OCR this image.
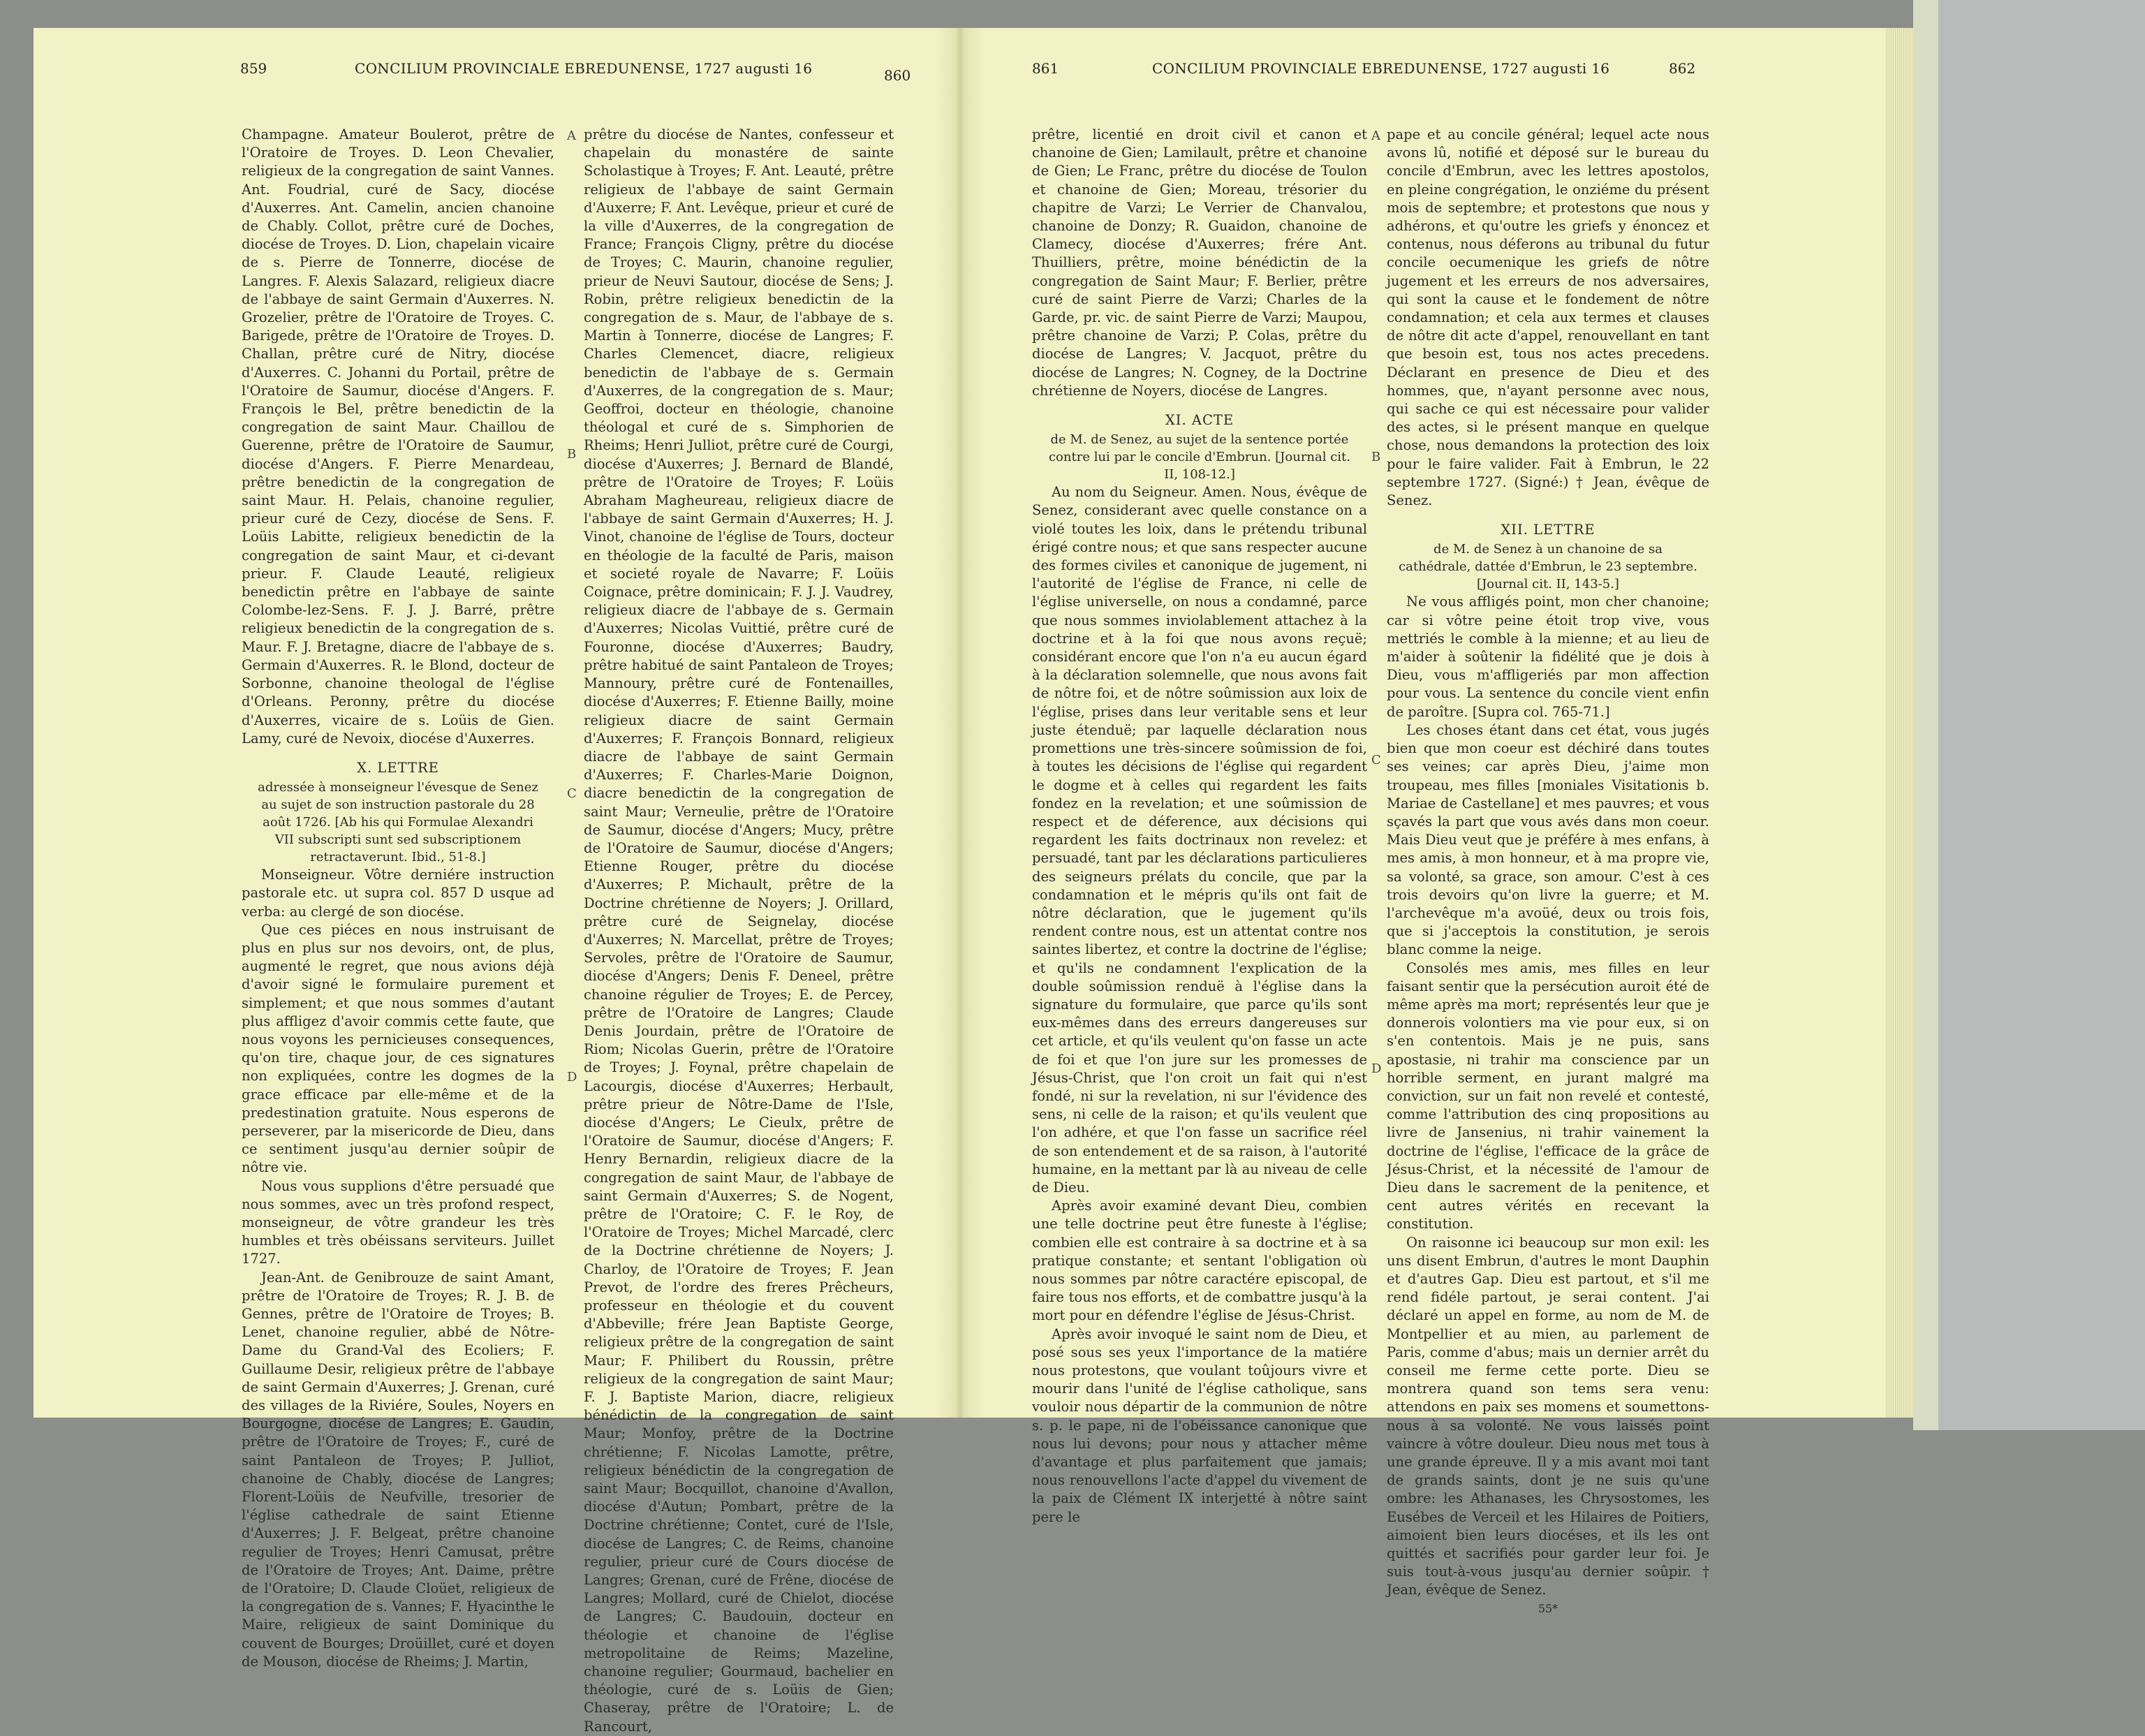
859	CONCILIUM PROVINCIALE EBREDUNENSE, 1727 augusti 16	860	861	CONCILIUM PROVINCIALE EBREDUNENSE, 1727 augusti 16	862

Champagne. Amateur Boulerot, prêtre de l'Oratoire de Troyes. D. Leon Chevalier, religieux de la congregation de saint Vannes. Ant. Foudrial, curé de Sacy, diocése d'Auxerres. Ant. Camelin, ancien chanoine de Chably. Collot, prêtre curé de Doches, diocése de Troyes. D. Lion, chapelain vicaire de s. Pierre de Tonnerre, diocése de Langres. F. Alexis Salazard, religieux diacre de l'abbaye de saint Germain d'Auxerres. N. Grozelier, prêtre de l'Oratoire de Troyes. C. Barigede, prêtre de l'Oratoire de Troyes. D. Challan, prêtre curé de Nitry, diocése d'Auxerres. C. Johanni du Portail, prêtre de l'Oratoire de Saumur, diocése d'Angers. F. François le Bel, prêtre benedictin de la congregation de saint Maur. Chaillou de Guerenne, prêtre de l'Oratoire de Saumur, diocése d'Angers. F. Pierre Menardeau, prêtre benedictin de la congregation de saint Maur. H. Pelais, chanoine regulier, prieur curé de Cezy, diocése de Sens. F. Loüis Labitte, religieux benedictin de la congregation de saint Maur, et ci-devant prieur. F. Claude Leauté, religieux benedictin prêtre en l'abbaye de sainte Colombe-lez-Sens. F. J. J. Barré, prêtre religieux benedictin de la congregation de s. Maur. F. J. Bretagne, diacre de l'abbaye de s. Germain d'Auxerres. R. le Blond, docteur de Sorbonne, chanoine theologal de l'église d'Orleans. Peronny, prêtre du diocése d'Auxerres, vicaire de s. Loüis de Gien. Lamy, curé de Nevoix, diocése d'Auxerres.

X. LETTRE
adressée à monseigneur l'évesque de Senez au sujet de son instruction pastorale du 28 août 1726. [Ab his qui Formulae Alexandri VII subscripti sunt sed subscriptionem retractaverunt. Ibid., 51-8.]

Monseigneur. Vôtre derniére instruction pastorale etc. ut supra col. 857 D usque ad verba: au clergé de son diocése.

Que ces piéces en nous instruisant de plus en plus sur nos devoirs, ont, de plus, augmenté le regret, que nous avions déjà d'avoir signé le formulaire purement et simplement; et que nous sommes d'autant plus affligez d'avoir commis cette faute, que nous voyons les pernicieuses consequences, qu'on tire, chaque jour, de ces signatures non expliquées, contre les dogmes de la grace efficace par elle-même et de la predestination gratuite. Nous esperons de perseverer, par la misericorde de Dieu, dans ce sentiment jusqu'au dernier soûpir de nôtre vie.

Nous vous supplions d'être persuadé que nous sommes, avec un très profond respect, monseigneur, de vôtre grandeur les très humbles et très obéissans serviteurs. Juillet 1727.

Jean-Ant. de Genibrouze de saint Amant, prêtre de l'Oratoire de Troyes; R. J. B. de Gennes, prêtre de l'Oratoire de Troyes; B. Lenet, chanoine regulier, abbé de Nôtre-Dame du Grand-Val des Ecoliers; F. Guillaume Desir, religieux prêtre de l'abbaye de saint Germain d'Auxerres; J. Grenan, curé des villages de la Riviére, Soules, Noyers en Bourgogne, diocése de Langres; E. Gaudin, prêtre de l'Oratoire de Troyes; F., curé de saint Pantaleon de Troyes; P. Julliot, chanoine de Chably, diocése de Langres; Florent-Loüis de Neufville, tresorier de l'église cathedrale de saint Etienne d'Auxerres; J. F. Belgeat, prêtre chanoine regulier de Troyes; Henri Camusat, prêtre de l'Oratoire de Troyes; Ant. Daime, prêtre de l'Oratoire; D. Claude Cloüet, religieux de la congregation de s. Vannes; F. Hyacinthe le Maire, religieux de saint Dominique du couvent de Bourges; Droüillet, curé et doyen de Mouson, diocése de Rheims; J. Martin,

prêtre du diocése de Nantes, confesseur et chapelain du monastére de sainte Scholastique à Troyes; F. Ant. Leauté, prêtre religieux de l'abbaye de saint Germain d'Auxerre; F. Ant. Levêque, prieur et curé de la ville d'Auxerres, de la congregation de France; François Cligny, prêtre du diocése de Troyes; C. Maurin, chanoine regulier, prieur de Neuvi Sautour, diocése de Sens; J. Robin, prêtre religieux benedictin de la congregation de s. Maur, de l'abbaye de s. Martin à Tonnerre, diocése de Langres; F. Charles Clemencet, diacre, religieux benedictin de l'abbaye de s. Germain d'Auxerres, de la congregation de s. Maur; Geoffroi, docteur en théologie, chanoine théologal et curé de s. Simphorien de Rheims; Henri Julliot, prêtre curé de Courgi, diocése d'Auxerres; J. Bernard de Blandé, prêtre de l'Oratoire de Troyes; F. Loüis Abraham Magheureau, religieux diacre de l'abbaye de saint Germain d'Auxerres; H. J. Vinot, chanoine de l'église de Tours, docteur en théologie de la faculté de Paris, maison et societé royale de Navarre; F. Loüis Coignace, prêtre dominicain; F. J. J. Vaudrey, religieux diacre de l'abbaye de s. Germain d'Auxerres; Nicolas Vuittié, prêtre curé de Fouronne, diocése d'Auxerres; Baudry, prêtre habitué de saint Pantaleon de Troyes; Mannoury, prêtre curé de Fontenailles, diocése d'Auxerres; F. Etienne Bailly, moine religieux diacre de saint Germain d'Auxerres; F. François Bonnard, religieux diacre de l'abbaye de saint Germain d'Auxerres; F. Charles-Marie Doignon, diacre benedictin de la congregation de saint Maur; Verneulie, prêtre de l'Oratoire de Saumur, diocése d'Angers; Mucy, prêtre de l'Oratoire de Saumur, diocése d'Angers; Etienne Rouger, prêtre du diocése d'Auxerres; P. Michault, prêtre de la Doctrine chrétienne de Noyers; J. Orillard, prêtre curé de Seignelay, diocése d'Auxerres; N. Marcellat, prêtre de Troyes; Servoles, prêtre de l'Oratoire de Saumur, diocése d'Angers; Denis F. Deneel, prêtre chanoine régulier de Troyes; E. de Percey, prêtre de l'Oratoire de Langres; Claude Denis Jourdain, prêtre de l'Oratoire de Riom; Nicolas Guerin, prêtre de l'Oratoire de Troyes; J. Foynal, prêtre chapelain de Lacourgis, diocése d'Auxerres; Herbault, prêtre prieur de Nôtre-Dame de l'Isle, diocése d'Angers; Le Cieulx, prêtre de l'Oratoire de Saumur, diocése d'Angers; F. Henry Bernardin, religieux diacre de la congregation de saint Maur, de l'abbaye de saint Germain d'Auxerres; S. de Nogent, prêtre de l'Oratoire; C. F. le Roy, de l'Oratoire de Troyes; Michel Marcadé, clerc de la Doctrine chrétienne de Noyers; J. Charloy, de l'Oratoire de Troyes; F. Jean Prevot, de l'ordre des freres Prêcheurs, professeur en théologie et du couvent d'Abbeville; frére Jean Baptiste George, religieux prêtre de la congregation de saint Maur; F. Philibert du Roussin, prêtre religieux de la congregation de saint Maur; F. J. Baptiste Marion, diacre, religieux bénédictin de la congregation de saint Maur; Monfoy, prêtre de la Doctrine chrétienne; F. Nicolas Lamotte, prêtre, religieux bénédictin de la congregation de saint Maur; Bocquillot, chanoine d'Avallon, diocése d'Autun; Pombart, prêtre de la Doctrine chrétienne; Contet, curé de l'Isle, diocése de Langres; C. de Reims, chanoine regulier, prieur curé de Cours diocése de Langres; Grenan, curé de Frêne, diocése de Langres; Mollard, curé de Chielot, diocése de Langres; C. Baudouin, docteur en théologie et chanoine de l'église metropolitaine de Reims; Mazeline, chanoine regulier; Gourmaud, bachelier en théologie, curé de s. Loüis de Gien; Chaseray, prêtre de l'Oratoire; L. de Rancourt,

prêtre, licentié en droit civil et canon et chanoine de Gien; Lamilault, prêtre et chanoine de Gien; Le Franc, prêtre du diocése de Toulon et chanoine de Gien; Moreau, trésorier du chapitre de Varzi; Le Verrier de Chanvalou, chanoine de Donzy; R. Guaidon, chanoine de Clamecy, diocése d'Auxerres; frére Ant. Thuilliers, prêtre, moine bénédictin de la congregation de Saint Maur; F. Berlier, prêtre curé de saint Pierre de Varzi; Charles de la Garde, pr. vic. de saint Pierre de Varzi; Maupou, prêtre chanoine de Varzi; P. Colas, prêtre du diocése de Langres; V. Jacquot, prêtre du diocése de Langres; N. Cogney, de la Doctrine chrétienne de Noyers, diocése de Langres.

XI. ACTE
de M. de Senez, au sujet de la sentence portée contre lui par le concile d'Embrun. [Journal cit. II, 108-12.]

Au nom du Seigneur. Amen. Nous, évêque de Senez, considerant avec quelle constance on a violé toutes les loix, dans le prétendu tribunal érigé contre nous; et que sans respecter aucune des formes civiles et canonique de jugement, ni l'autorité de l'église de France, ni celle de l'église universelle, on nous a condamné, parce que nous sommes inviolablement attachez à la doctrine et à la foi que nous avons reçuë; considérant encore que l'on n'a eu aucun égard à la déclaration solemnelle, que nous avons fait de nôtre foi, et de nôtre soûmission aux loix de l'église, prises dans leur veritable sens et leur juste étenduë; par laquelle déclaration nous promettions une très-sincere soûmission de foi, à toutes les décisions de l'église qui regardent le dogme et à celles qui regardent les faits fondez en la revelation; et une soûmission de respect et de déference, aux décisions qui regardent les faits doctrinaux non revelez: et persuadé, tant par les déclarations particulieres des seigneurs prélats du concile, que par la condamnation et le mépris qu'ils ont fait de nôtre déclaration, que le jugement qu'ils rendent contre nous, est un attentat contre nos saintes libertez, et contre la doctrine de l'église; et qu'ils ne condamnent l'explication de la double soûmission renduë à l'église dans la signature du formulaire, que parce qu'ils sont eux-mêmes dans des erreurs dangereuses sur cet article, et qu'ils veulent qu'on fasse un acte de foi et que l'on jure sur les promesses de Jésus-Christ, que l'on croit un fait qui n'est fondé, ni sur la revelation, ni sur l'évidence des sens, ni celle de la raison; et qu'ils veulent que l'on adhére, et que l'on fasse un sacrifice réel de son entendement et de sa raison, à l'autorité humaine, en la mettant par là au niveau de celle de Dieu.

Après avoir examiné devant Dieu, combien une telle doctrine peut être funeste à l'église; combien elle est contraire à sa doctrine et à sa pratique constante; et sentant l'obligation où nous sommes par nôtre caractére episcopal, de faire tous nos efforts, et de combattre jusqu'à la mort pour en défendre l'église de Jésus-Christ.

Après avoir invoqué le saint nom de Dieu, et posé sous ses yeux l'importance de la matiére nous protestons, que voulant toûjours vivre et mourir dans l'unité de l'église catholique, sans vouloir nous départir de la communion de nôtre s. p. le pape, ni de l'obéissance canonique que nous lui devons; pour nous y attacher même d'avantage et plus parfaitement que jamais; nous renouvellons l'acte d'appel du vivement de la paix de Clément IX interjetté à nôtre saint pere le

pape et au concile général; lequel acte nous avons lû, notifié et déposé sur le bureau du concile d'Embrun, avec les lettres apostolos, en pleine congrégation, le onziéme du présent mois de septembre; et protestons que nous y adhérons, et qu'outre les griefs y énoncez et contenus, nous déferons au tribunal du futur concile oecumenique les griefs de nôtre jugement et les erreurs de nos adversaires, qui sont la cause et le fondement de nôtre condamnation; et cela aux termes et clauses de nôtre dit acte d'appel, renouvellant en tant que besoin est, tous nos actes precedens. Déclarant en presence de Dieu et des hommes, que, n'ayant personne avec nous, qui sache ce qui est nécessaire pour valider des actes, si le présent manque en quelque chose, nous demandons la protection des loix pour le faire valider. Fait à Embrun, le 22 septembre 1727. (Signé:) † Jean, évêque de Senez.

XII. LETTRE
de M. de Senez à un chanoine de sa cathédrale, dattée d'Embrun, le 23 septembre. [Journal cit. II, 143-5.]

Ne vous affligés point, mon cher chanoine; car si vôtre peine étoit trop vive, vous mettriés le comble à la mienne; et au lieu de m'aider à soûtenir la fidélité que je dois à Dieu, vous m'affligeriés par mon affection pour vous. La sentence du concile vient enfin de paroître. [Supra col. 765-71.]

Les choses étant dans cet état, vous jugés bien que mon coeur est déchiré dans toutes ses veines; car après Dieu, j'aime mon troupeau, mes filles [moniales Visitationis b. Mariae de Castellane] et mes pauvres; et vous sçavés la part que vous avés dans mon coeur. Mais Dieu veut que je préfére à mes enfans, à mes amis, à mon honneur, et à ma propre vie, sa volonté, sa grace, son amour. C'est à ces trois devoirs qu'on livre la guerre; et M. l'archevêque m'a avoüé, deux ou trois fois, que si j'acceptois la constitution, je serois blanc comme la neige.

Consolés mes amis, mes filles en leur faisant sentir que la persécution auroit été de même après ma mort; représentés leur que je donnerois volontiers ma vie pour eux, si on s'en contentois. Mais je ne puis, sans apostasie, ni trahir ma conscience par un horrible serment, en jurant malgré ma conviction, sur un fait non revelé et contesté, comme l'attribution des cinq propositions au livre de Jansenius, ni trahir vainement la doctrine de l'église, l'efficace de la grâce de Jésus-Christ, et la nécessité de l'amour de Dieu dans le sacrement de la penitence, et cent autres vérités en recevant la constitution.

On raisonne ici beaucoup sur mon exil: les uns disent Embrun, d'autres le mont Dauphin et d'autres Gap. Dieu est partout, et s'il me rend fidéle partout, je serai content. J'ai déclaré un appel en forme, au nom de M. de Montpellier et au mien, au parlement de Paris, comme d'abus; mais un dernier arrêt du conseil me ferme cette porte. Dieu se montrera quand son tems sera venu: attendons en paix ses momens et soumettons-nous à sa volonté. Ne vous laissés point vaincre à vôtre douleur. Dieu nous met tous à une grande épreuve. Il y a mis avant moi tant de grands saints, dont je ne suis qu'une ombre: les Athanases, les Chrysostomes, les Eusébes de Verceil et les Hilaires de Poitiers, aimoient bien leurs diocéses, et ils les ont quittés et sacrifiés pour garder leur foi. Je suis tout-à-vous jusqu'au dernier soûpir. † Jean, évêque de Senez.

55*
A
B
C
D
A
B
C
D
